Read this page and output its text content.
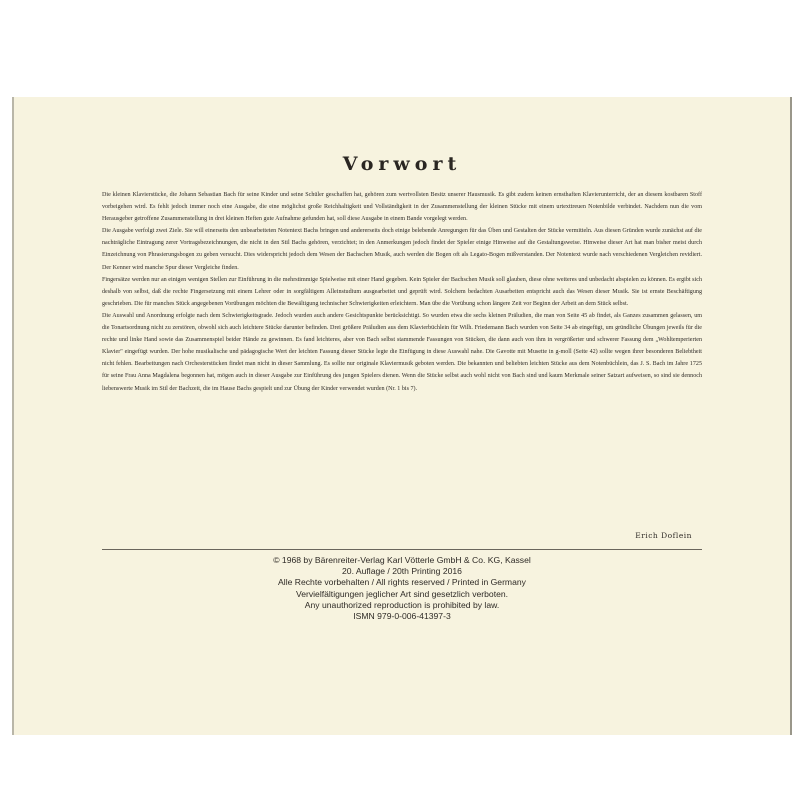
Vorwort

Die kleinen Klavierstücke, die Johann Sebastian Bach für seine Kinder und seine Schüler geschaffen hat, gehören zum wertvollsten Besitz unserer Hausmusik. Es gibt zudem keinen ernsthaften Klavierunterricht, der an diesem kostbaren Stoff vorbeigehen wird. Es fehlt jedoch immer noch eine Ausgabe, die eine möglichst große Reichhaltigkeit und Vollständigkeit in der Zusammenstellung der kleinen Stücke mit einem urtexttreuen Notenbilde verbindet. Nachdem nun die vom Herausgeber getroffene Zusammenstellung in drei kleinen Heften gute Aufnahme gefunden hat, soll diese Ausgabe in einem Bande vorgelegt werden.

Die Ausgabe verfolgt zwei Ziele. Sie will einerseits den unbearbeiteten Notentext Bachs bringen und andererseits doch einige belebende Anregungen für das Üben und Gestalten der Stücke vermitteln. Aus diesen Gründen wurde zunächst auf die nachträgliche Eintragung zerer Vortragsbezeichnungen, die nicht in den Stil Bachs gehören, verzichtet; in den Anmerkungen jedoch findet der Spieler einige Hinweise auf die Gestaltungsweise. Hinweise dieser Art hat man bisher meist durch Einzeichnung von Phrasierungsbogen zu geben versucht. Dies widerspricht jedoch dem Wesen der Bachschen Musik, auch werden die Bogen oft als Legato-Bogen mißverstanden. Der Notentext wurde nach verschiedenen Vergleichen revidiert. Der Kenner wird manche Spur dieser Vergleiche finden.

Fingersätze werden nur an einigen wenigen Stellen zur Einführung in die mehrstimmige Spielweise mit einer Hand gegeben. Kein Spieler der Bachschen Musik soll glauben, diese ohne weiteres und unbedacht abspielen zu können. Es ergibt sich deshalb von selbst, daß die rechte Fingersetzung mit einem Lehrer oder in sorgfältigem Alleinstudium ausgearbeitet und geprüft wird. Solchem bedachten Ausarbeiten entspricht auch das Wesen dieser Musik. Sie ist ernste Beschäftigung geschrieben. Die für manches Stück angegebenen Vorübungen möchten die Bewältigung technischer Schwierigkeiten erleichtern. Man übe die Vorübung schon längere Zeit vor Beginn der Arbeit an dem Stück selbst.

Die Auswahl und Anordnung erfolgte nach dem Schwierigkeitsgrade. Jedoch wurden auch andere Gesichtspunkte berücksichtigt. So wurden etwa die sechs kleinen Präludien, die man von Seite 45 ab findet, als Ganzes zusammen gelassen, um die Tonartsordnung nicht zu zerstören, obwohl sich auch leichtere Stücke darunter befinden. Drei größere Präludien aus dem Klavierbüchlein für Wilh. Friedemann Bach wurden von Seite 34 ab eingefügt, um gründliche Übungen jeweils für die rechte und linke Hand sowie das Zusammenspiel beider Hände zu gewinnen. Es fand leichteres, aber von Bach selbst stammende Fassungen von Stücken, die dann auch von ihm in vergrößerter und schwerer Fassung dem „Wohltemperierten Klavier" eingefügt wurden. Der hohe musikalische und pädagogische Wert der leichten Fassung dieser Stücke legte die Einfügung in diese Auswahl nahe. Die Gavotte mit Musette in g-moll (Seite 42) sollte wegen ihrer besonderen Beliebtheit nicht fehlen. Bearbeitungen nach Orchesterstücken findet man nicht in dieser Sammlung. Es sollte nur originale Klaviermusik geboten werden. Die bekannten und beliebten leichten Stücke aus dem Notenbüchlein, das J. S. Bach im Jahre 1725 für seine Frau Anna Magdalena begonnen hat, mögen auch in dieser Ausgabe zur Einführung des jungen Spielers dienen. Wenn die Stücke selbst auch wohl nicht von Bach sind und kaum Merkmale seiner Satzart aufweisen, so sind sie dennoch liebenswerte Musik im Stil der Bachzeit, die im Hause Bachs gespielt und zur Übung der Kinder verwendet wurden (Nr. 1 bis 7).

Erich Doflein
© 1968 by Bärenreiter-Verlag Karl Vötterle GmbH & Co. KG, Kassel
20. Auflage / 20th Printing 2016
Alle Rechte vorbehalten / All rights reserved / Printed in Germany
Vervielfältigungen jeglicher Art sind gesetzlich verboten.
Any unauthorized reproduction is prohibited by law.
ISMN 979-0-006-41397-3
